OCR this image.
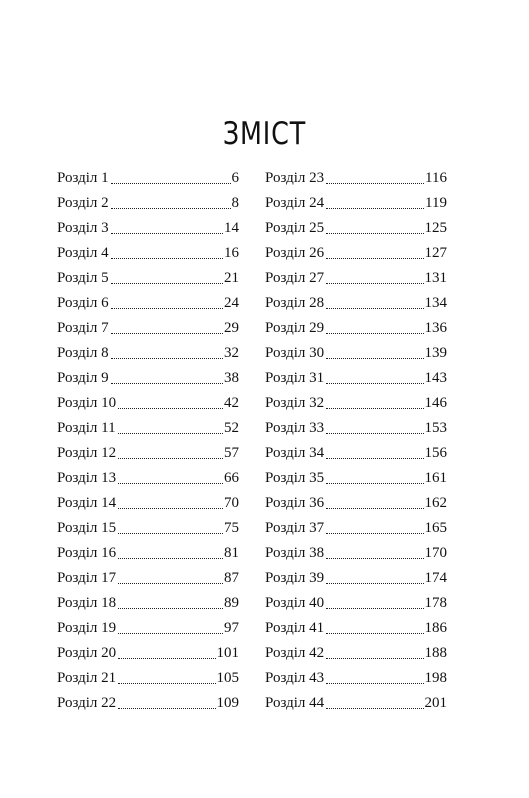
ЗМІСТ
Розділ 1	6
Розділ 2	8
Розділ 3	14
Розділ 4	16
Розділ 5	21
Розділ 6	24
Розділ 7	29
Розділ 8	32
Розділ 9	38
Розділ 10	42
Розділ 11	52
Розділ 12	57
Розділ 13	66
Розділ 14	70
Розділ 15	75
Розділ 16	81
Розділ 17	87
Розділ 18	89
Розділ 19	97
Розділ 20	101
Розділ 21	105
Розділ 22	109
Розділ 23	116
Розділ 24	119
Розділ 25	125
Розділ 26	127
Розділ 27	131
Розділ 28	134
Розділ 29	136
Розділ 30	139
Розділ 31	143
Розділ 32	146
Розділ 33	153
Розділ 34	156
Розділ 35	161
Розділ 36	162
Розділ 37	165
Розділ 38	170
Розділ 39	174
Розділ 40	178
Розділ 41	186
Розділ 42	188
Розділ 43	198
Розділ 44	201
